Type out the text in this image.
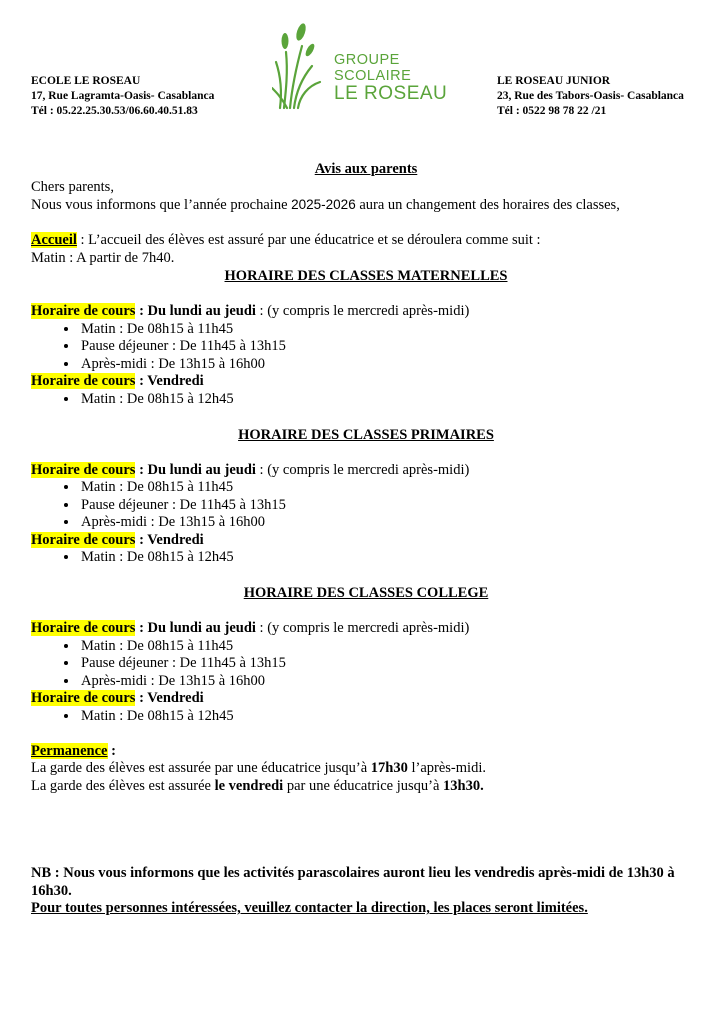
ECOLE LE ROSEAU
17, Rue Lagramta-Oasis- Casablanca
Tél : 05.22.25.30.53/06.60.40.51.83
GROUPE
SCOLAIRE
LE ROSEAU
LE ROSEAU JUNIOR
23, Rue des Tabors-Oasis- Casablanca
Tél : 0522 98 78 22 /21
Avis aux parents
Chers parents,
Nous vous informons que l’année prochaine 2025-2026 aura un changement des horaires des classes,
Accueil : L’accueil des élèves est assuré par une éducatrice et se déroulera comme suit :
Matin : A partir de 7h40.
HORAIRE DES CLASSES MATERNELLES
Horaire de cours : Du lundi au jeudi : (y compris le mercredi après-midi)
• Matin : De 08h15 à 11h45
• Pause déjeuner : De 11h45 à 13h15
• Après-midi : De 13h15 à 16h00
Horaire de cours : Vendredi
• Matin : De 08h15 à 12h45
HORAIRE DES CLASSES PRIMAIRES
Horaire de cours : Du lundi au jeudi : (y compris le mercredi après-midi)
• Matin : De 08h15 à 11h45
• Pause déjeuner : De 11h45 à 13h15
• Après-midi : De 13h15 à 16h00
Horaire de cours : Vendredi
• Matin : De 08h15 à 12h45
HORAIRE DES CLASSES COLLEGE
Horaire de cours : Du lundi au jeudi : (y compris le mercredi après-midi)
• Matin : De 08h15 à 11h45
• Pause déjeuner : De 11h45 à 13h15
• Après-midi : De 13h15 à 16h00
Horaire de cours : Vendredi
• Matin : De 08h15 à 12h45
Permanence :
La garde des élèves est assurée par une éducatrice jusqu’à 17h30 l’après-midi.
La garde des élèves est assurée le vendredi par une éducatrice jusqu’à 13h30.
NB : Nous vous informons que les activités parascolaires auront lieu les vendredis après-midi de 13h30 à 16h30.
Pour toutes personnes intéressées, veuillez contacter la direction, les places seront limitées.
